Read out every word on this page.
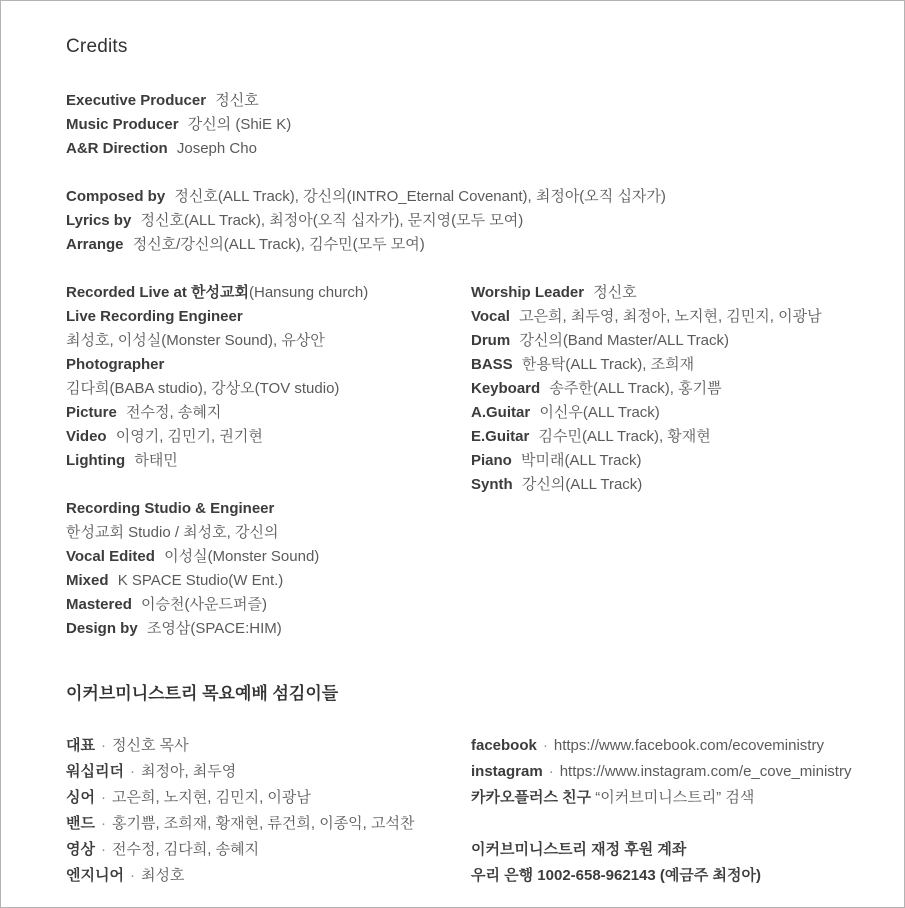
Credits
Executive Producer 정신호
Music Producer 강신의 (ShiE K)
A&R Direction Joseph Cho
Composed by 정신호(ALL Track), 강신의(INTRO_Eternal Covenant), 최정아(오직 십자가)
Lyrics by 정신호(ALL Track), 최정아(오직 십자가), 문지영(모두 모여)
Arrange 정신호/강신의(ALL Track), 김수민(모두 모여)
Recorded Live at 한성교회(Hansung church)
Live Recording Engineer
최성호, 이성실(Monster Sound), 유상안
Photographer
김다희(BABA studio), 강상오(TOV studio)
Picture 전수정, 송혜지
Video 이영기, 김민기, 권기현
Lighting 하태민
Recording Studio & Engineer
한성교회 Studio / 최성호, 강신의
Vocal Edited 이성실(Monster Sound)
Mixed K SPACE Studio(W Ent.)
Mastered 이승천(사운드퍼즐)
Design by 조영삼(SPACE:HIM)
Worship Leader 정신호
Vocal 고은희, 최두영, 최정아, 노지현, 김민지, 이광남
Drum 강신의(Band Master/ALL Track)
BASS 한용탁(ALL Track), 조희재
Keyboard 송주한(ALL Track), 홍기쁨
A.Guitar 이신우(ALL Track)
E.Guitar 김수민(ALL Track), 황재현
Piano 박미래(ALL Track)
Synth 강신의(ALL Track)
이커브미니스트리 목요예배 섬김이들
대표 · 정신호 목사
워십리더 · 최정아, 최두영
싱어 · 고은희, 노지현, 김민지, 이광남
밴드 · 홍기쁨, 조희재, 황재현, 류건희, 이종익, 고석찬
영상 · 전수정, 김다희, 송혜지
엔지니어 · 최성호
facebook · https://www.facebook.com/ecoveministry
instagram · https://www.instagram.com/e_cove_ministry
카카오플러스 친구 “이커브미니스트리” 검색
이커브미니스트리 재정 후원 계좌
우리 은행 1002-658-962143 (예금주 최정아)
